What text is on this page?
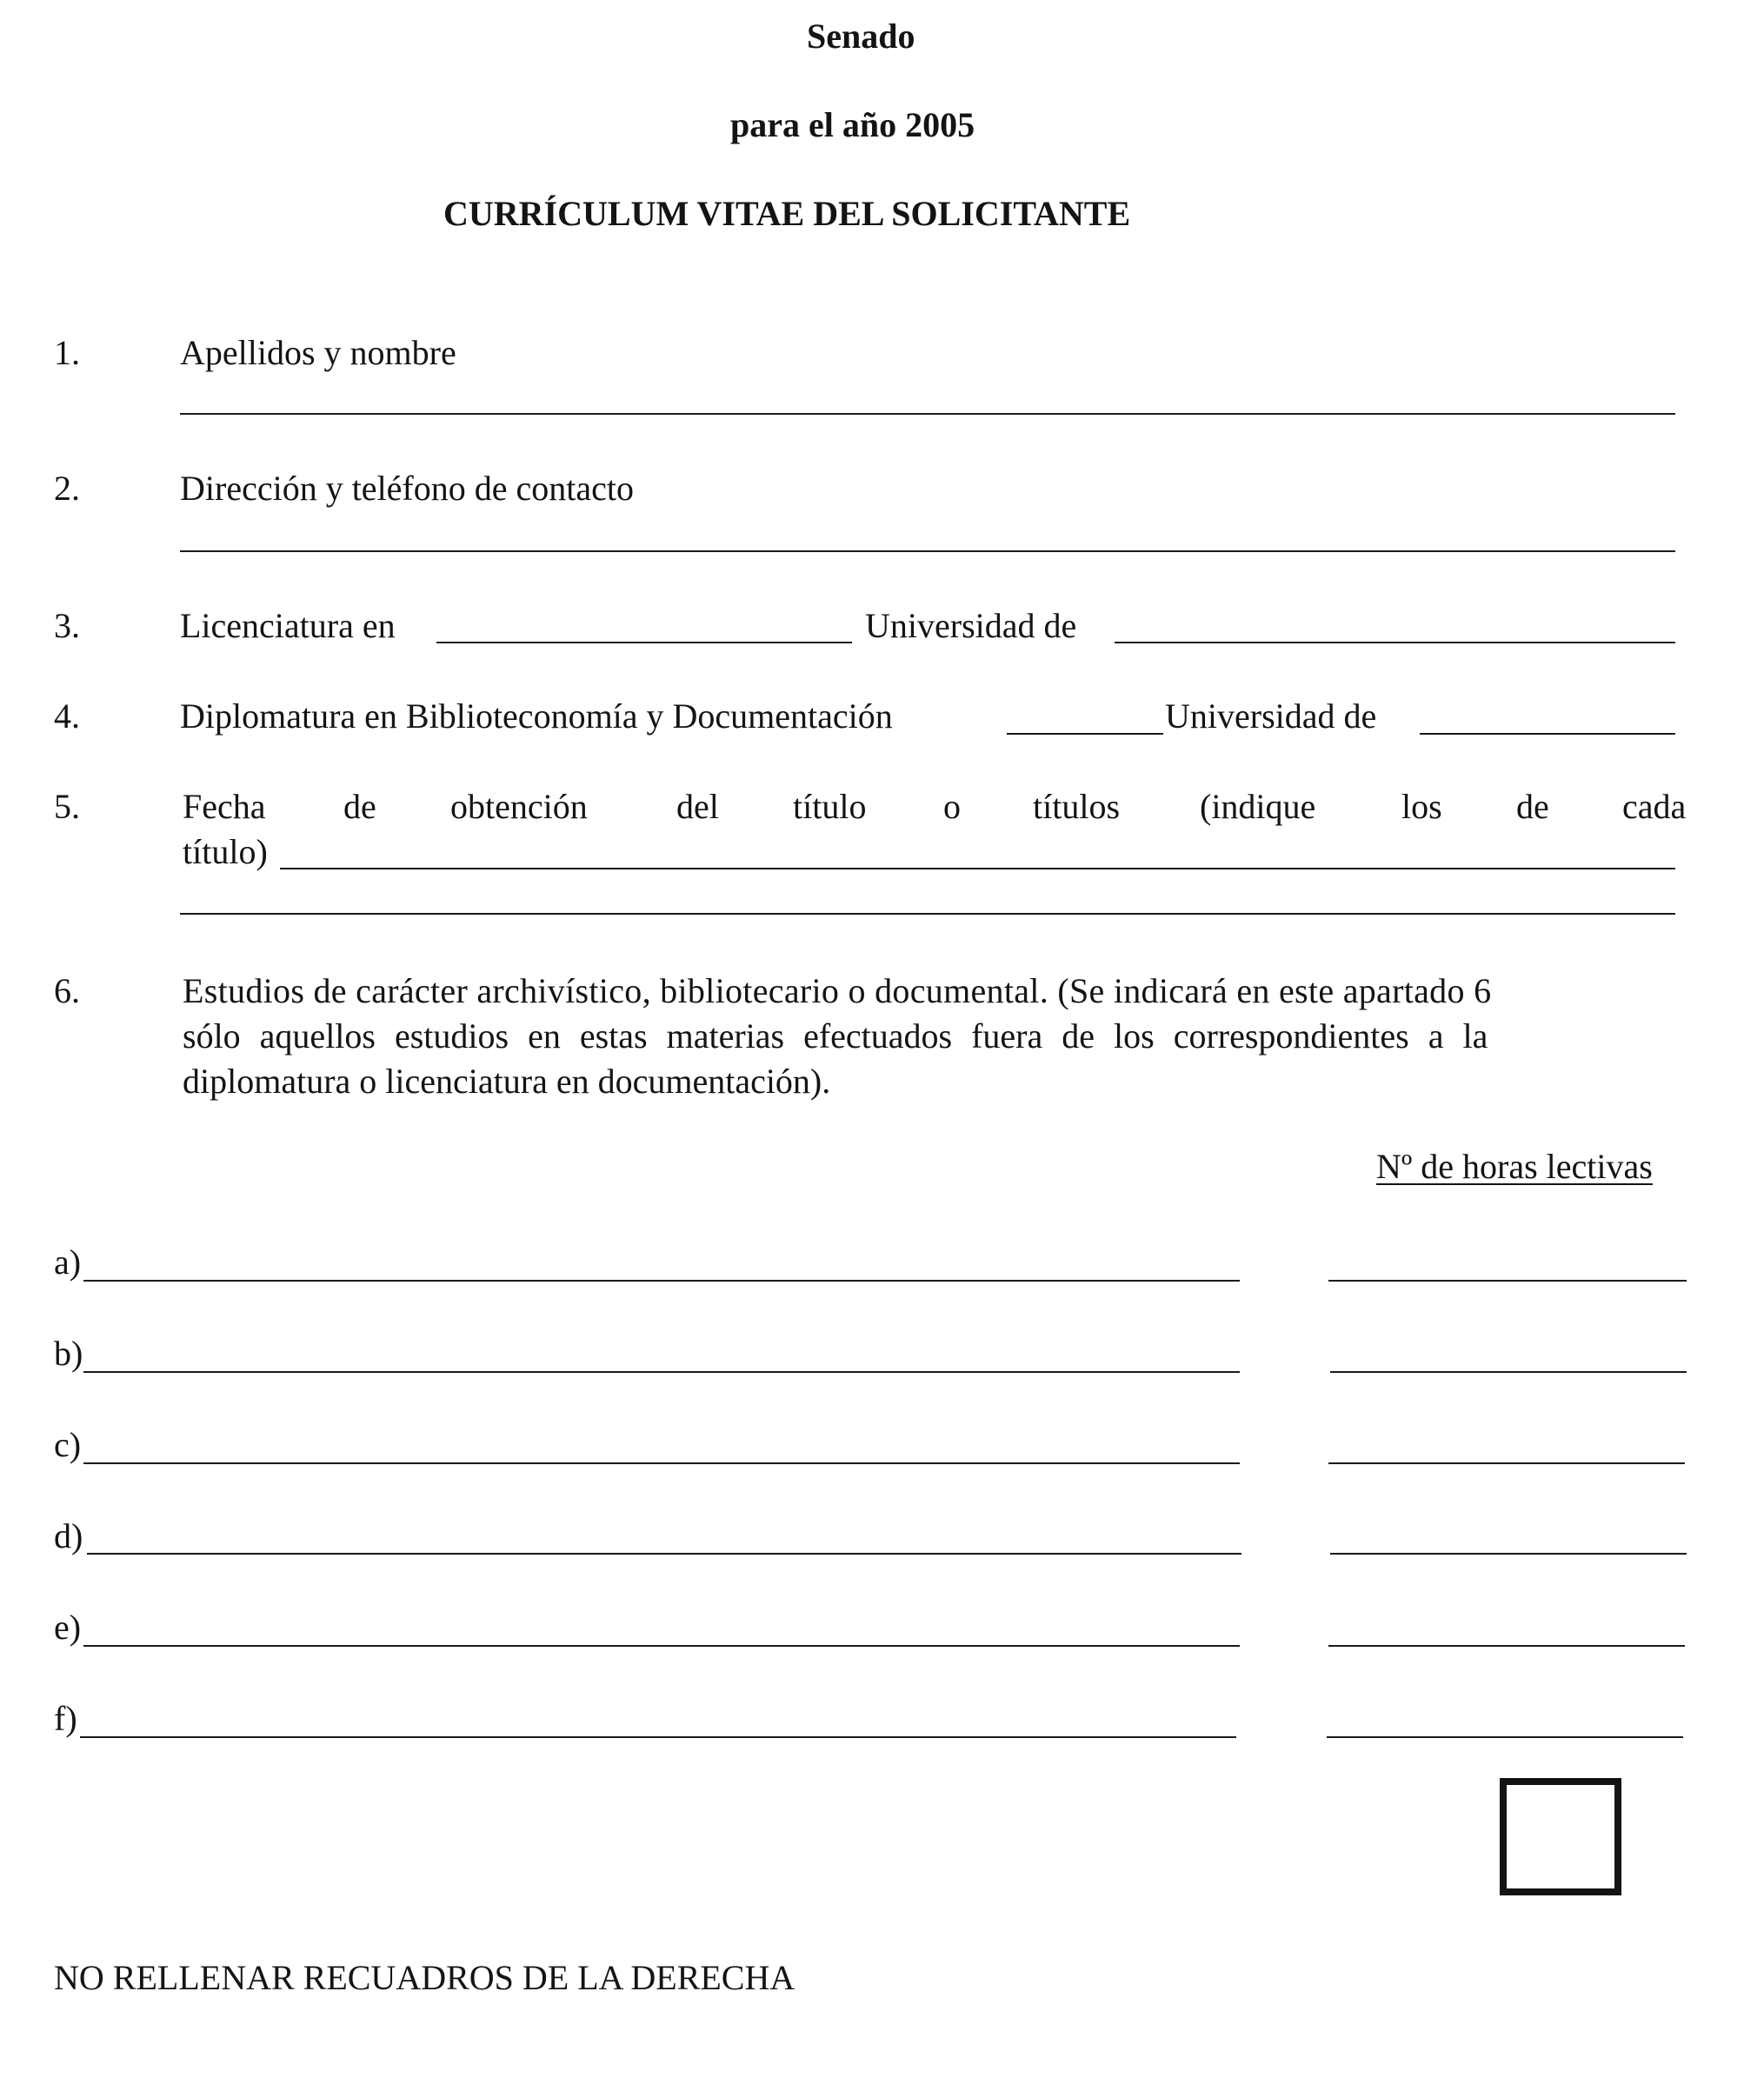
Senado
para el año 2005
CURRÍCULUM VITAE DEL SOLICITANTE
1.	Apellidos y nombre
2.	Dirección y teléfono de contacto
3.	Licenciatura en	Universidad de
4.	Diplomatura en Biblioteconomía y Documentación	Universidad de
5.	Fecha de obtención	del título o títulos (indique los de cada
título)
6.	Estudios de carácter archivístico, bibliotecario o documental. (Se indicará en este apartado 6
sólo aquellos estudios en estas materias efectuados fuera de los correspondientes a la
diplomatura o licenciatura en documentación).
Nº de horas lectivas
a)
b)
c)
d)
e)
f)
NO RELLENAR RECUADROS DE LA DERECHA
